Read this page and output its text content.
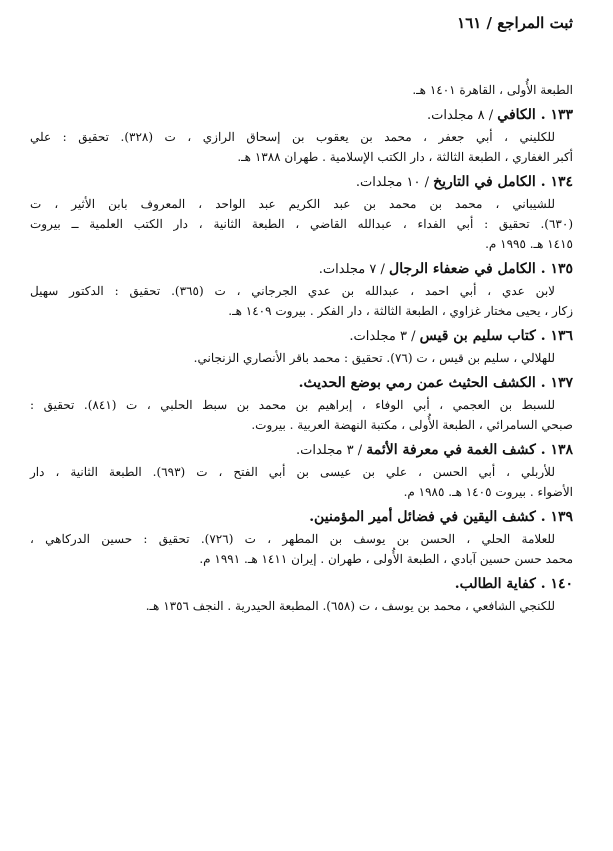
ثبت المراجع / ١٦١
الطبعة الأُولى ، القاهرة ١٤٠١ هـ.
١٣٣ . الكافي / ٨ مجلدات.
للكليني ، أبي جعفر ، محمد بن يعقوب بن إسحاق الرازي ، ت (٣٢٨). تحقيق : علي
أكبر الغفاري ، الطبعة الثالثة ، دار الكتب الإسلامية . طهران ١٣٨٨ هـ.
١٣٤ . الكامل في التاريخ / ١٠ مجلدات.
للشيباني ، محمد بن محمد بن عبد الكريم عبد الواحد ، المعروف بابن الأثير ، ت
(٦٣٠). تحقيق : أبي الفداء ، عبدالله القاضي ، الطبعة الثانية ، دار الكتب العلمية ــ بيروت
١٤١٥ هـ. ١٩٩٥ م.
١٣٥ . الكامل في ضعفاء الرجال / ٧ مجلدات.
لابن عدي ، أبي احمد ، عبدالله بن عدي الجرجاني ، ت (٣٦٥). تحقيق : الدكتور سهيل
زكار ، يحيى مختار غزاوي ، الطبعة الثالثة ، دار الفكر . بيروت ١٤٠٩ هـ.
١٣٦ . كتاب سليم بن قيس / ٣ مجلدات.
للهلالي ، سليم بن قيس ، ت (٧٦). تحقيق : محمد باقر الأنصاري الزنجاني.
١٣٧ . الكشف الحثيث عمن رمي بوضع الحديث.
للسبط بن العجمي ، أبي الوفاء ، إبراهيم بن محمد بن سبط الحلبي ، ت (٨٤١). تحقيق :
صبحي السامرائي ، الطبعة الأُولى ، مكتبة النهضة العربية . بيروت.
١٣٨ . كشف الغمة في معرفة الأئمة / ٣ مجلدات.
للأربلي ، أبي الحسن ، علي بن عيسى بن أبي الفتح ، ت (٦٩٣). الطبعة الثانية ، دار
الأضواء . بيروت ١٤٠٥ هـ. ١٩٨٥ م.
١٣٩ . كشف اليقين في فضائل أمير المؤمنين.
للعلامة الحلي ، الحسن بن يوسف بن المطهر ، ت (٧٢٦). تحقيق : حسين الدركاهي ،
محمد حسن حسين آبادي ، الطبعة الأُولى ، طهران . إيران ١٤١١ هـ. ١٩٩١ م.
١٤٠ . كفاية الطالب.
للكنجي الشافعي ، محمد بن يوسف ، ت (٦٥٨). المطبعة الحيدرية . النجف ١٣٥٦ هـ.
